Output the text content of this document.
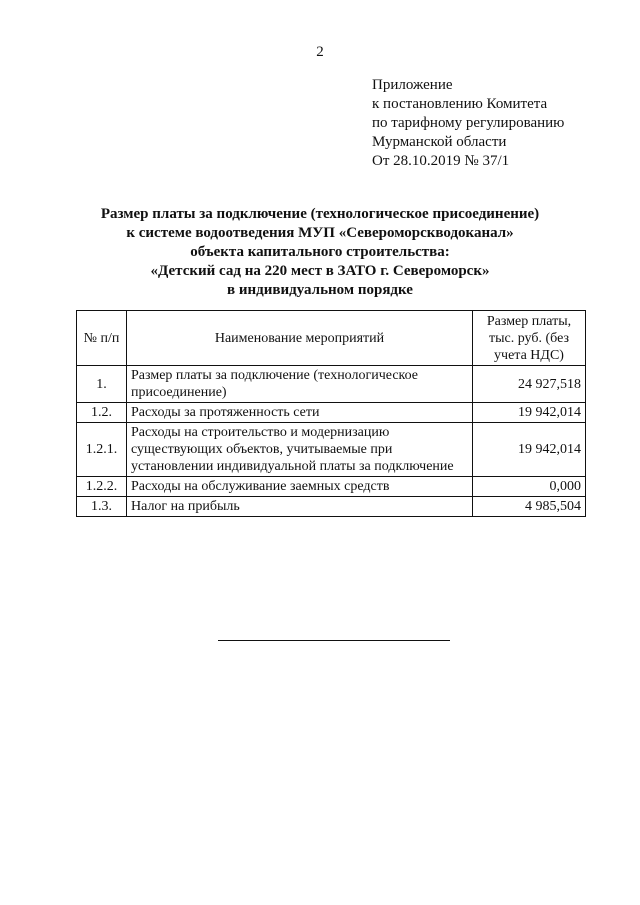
2
Приложение
к постановлению Комитета
по тарифному регулированию
Мурманской области
От 28.10.2019 № 37/1
Размер платы за подключение (технологическое присоединение)
к системе водоотведения МУП «Североморскводоканал»
объекта капитального строительства:
«Детский сад на 220 мест в ЗАТО г. Североморск»
в индивидуальном порядке
№ п/п	Наименование мероприятий	Размер платы, тыс. руб. (без учета НДС)
1.	Размер платы за подключение (технологическое присоединение)	24 927,518
1.2.	Расходы за протяженность сети	19 942,014
1.2.1.	Расходы на строительство и модернизацию существующих объектов, учитываемые при установлении индивидуальной платы за подключение	19 942,014
1.2.2.	Расходы на обслуживание заемных средств	0,000
1.3.	Налог на прибыль	4 985,504
